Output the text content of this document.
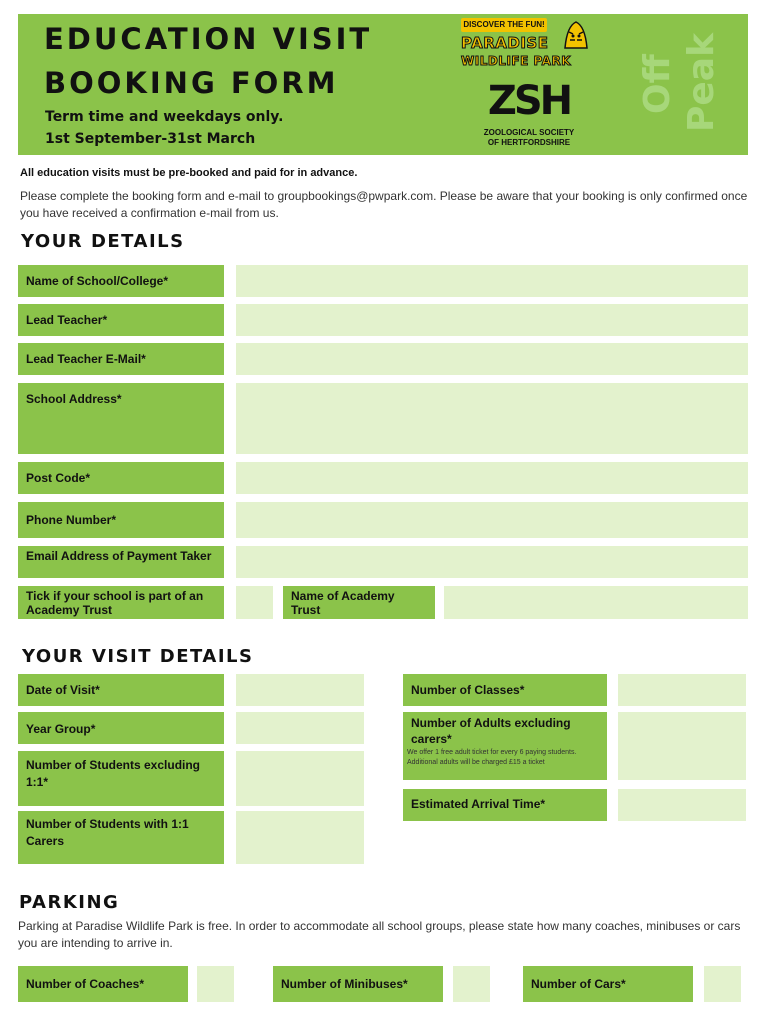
EDUCATION VISIT
BOOKING FORM
Term time and weekdays only.
1st September-31st March
DISCOVER THE FUN!
PARADISE
WILDLIFE PARK
ZSH
ZOOLOGICAL SOCIETY
OF HERTFORDSHIRE
Off Peak
All education visits must be pre-booked and paid for in advance.
Please complete the booking form and e-mail to groupbookings@pwpark.com. Please be aware that your booking is only confirmed once you have received a confirmation e-mail from us.
YOUR DETAILS
Name of School/College*
Lead Teacher*
Lead Teacher E-Mail*
School Address*
Post Code*
Phone Number*
Email Address of Payment Taker
Tick if your school is part of an Academy Trust
Name of Academy Trust
YOUR VISIT DETAILS
Date of Visit*
Year Group*
Number of Students excluding 1:1*
Number of Students with 1:1 Carers
Number of Classes*
Number of Adults excluding carers*
We offer 1 free adult ticket for every 6 paying students. Additional adults will be charged £15 a ticket
Estimated Arrival Time*
PARKING
Parking at Paradise Wildlife Park is free. In order to accommodate all school groups, please state how many coaches, minibuses or cars you are intending to arrive in.
Number of Coaches*	Number of Minibuses*	Number of Cars*
